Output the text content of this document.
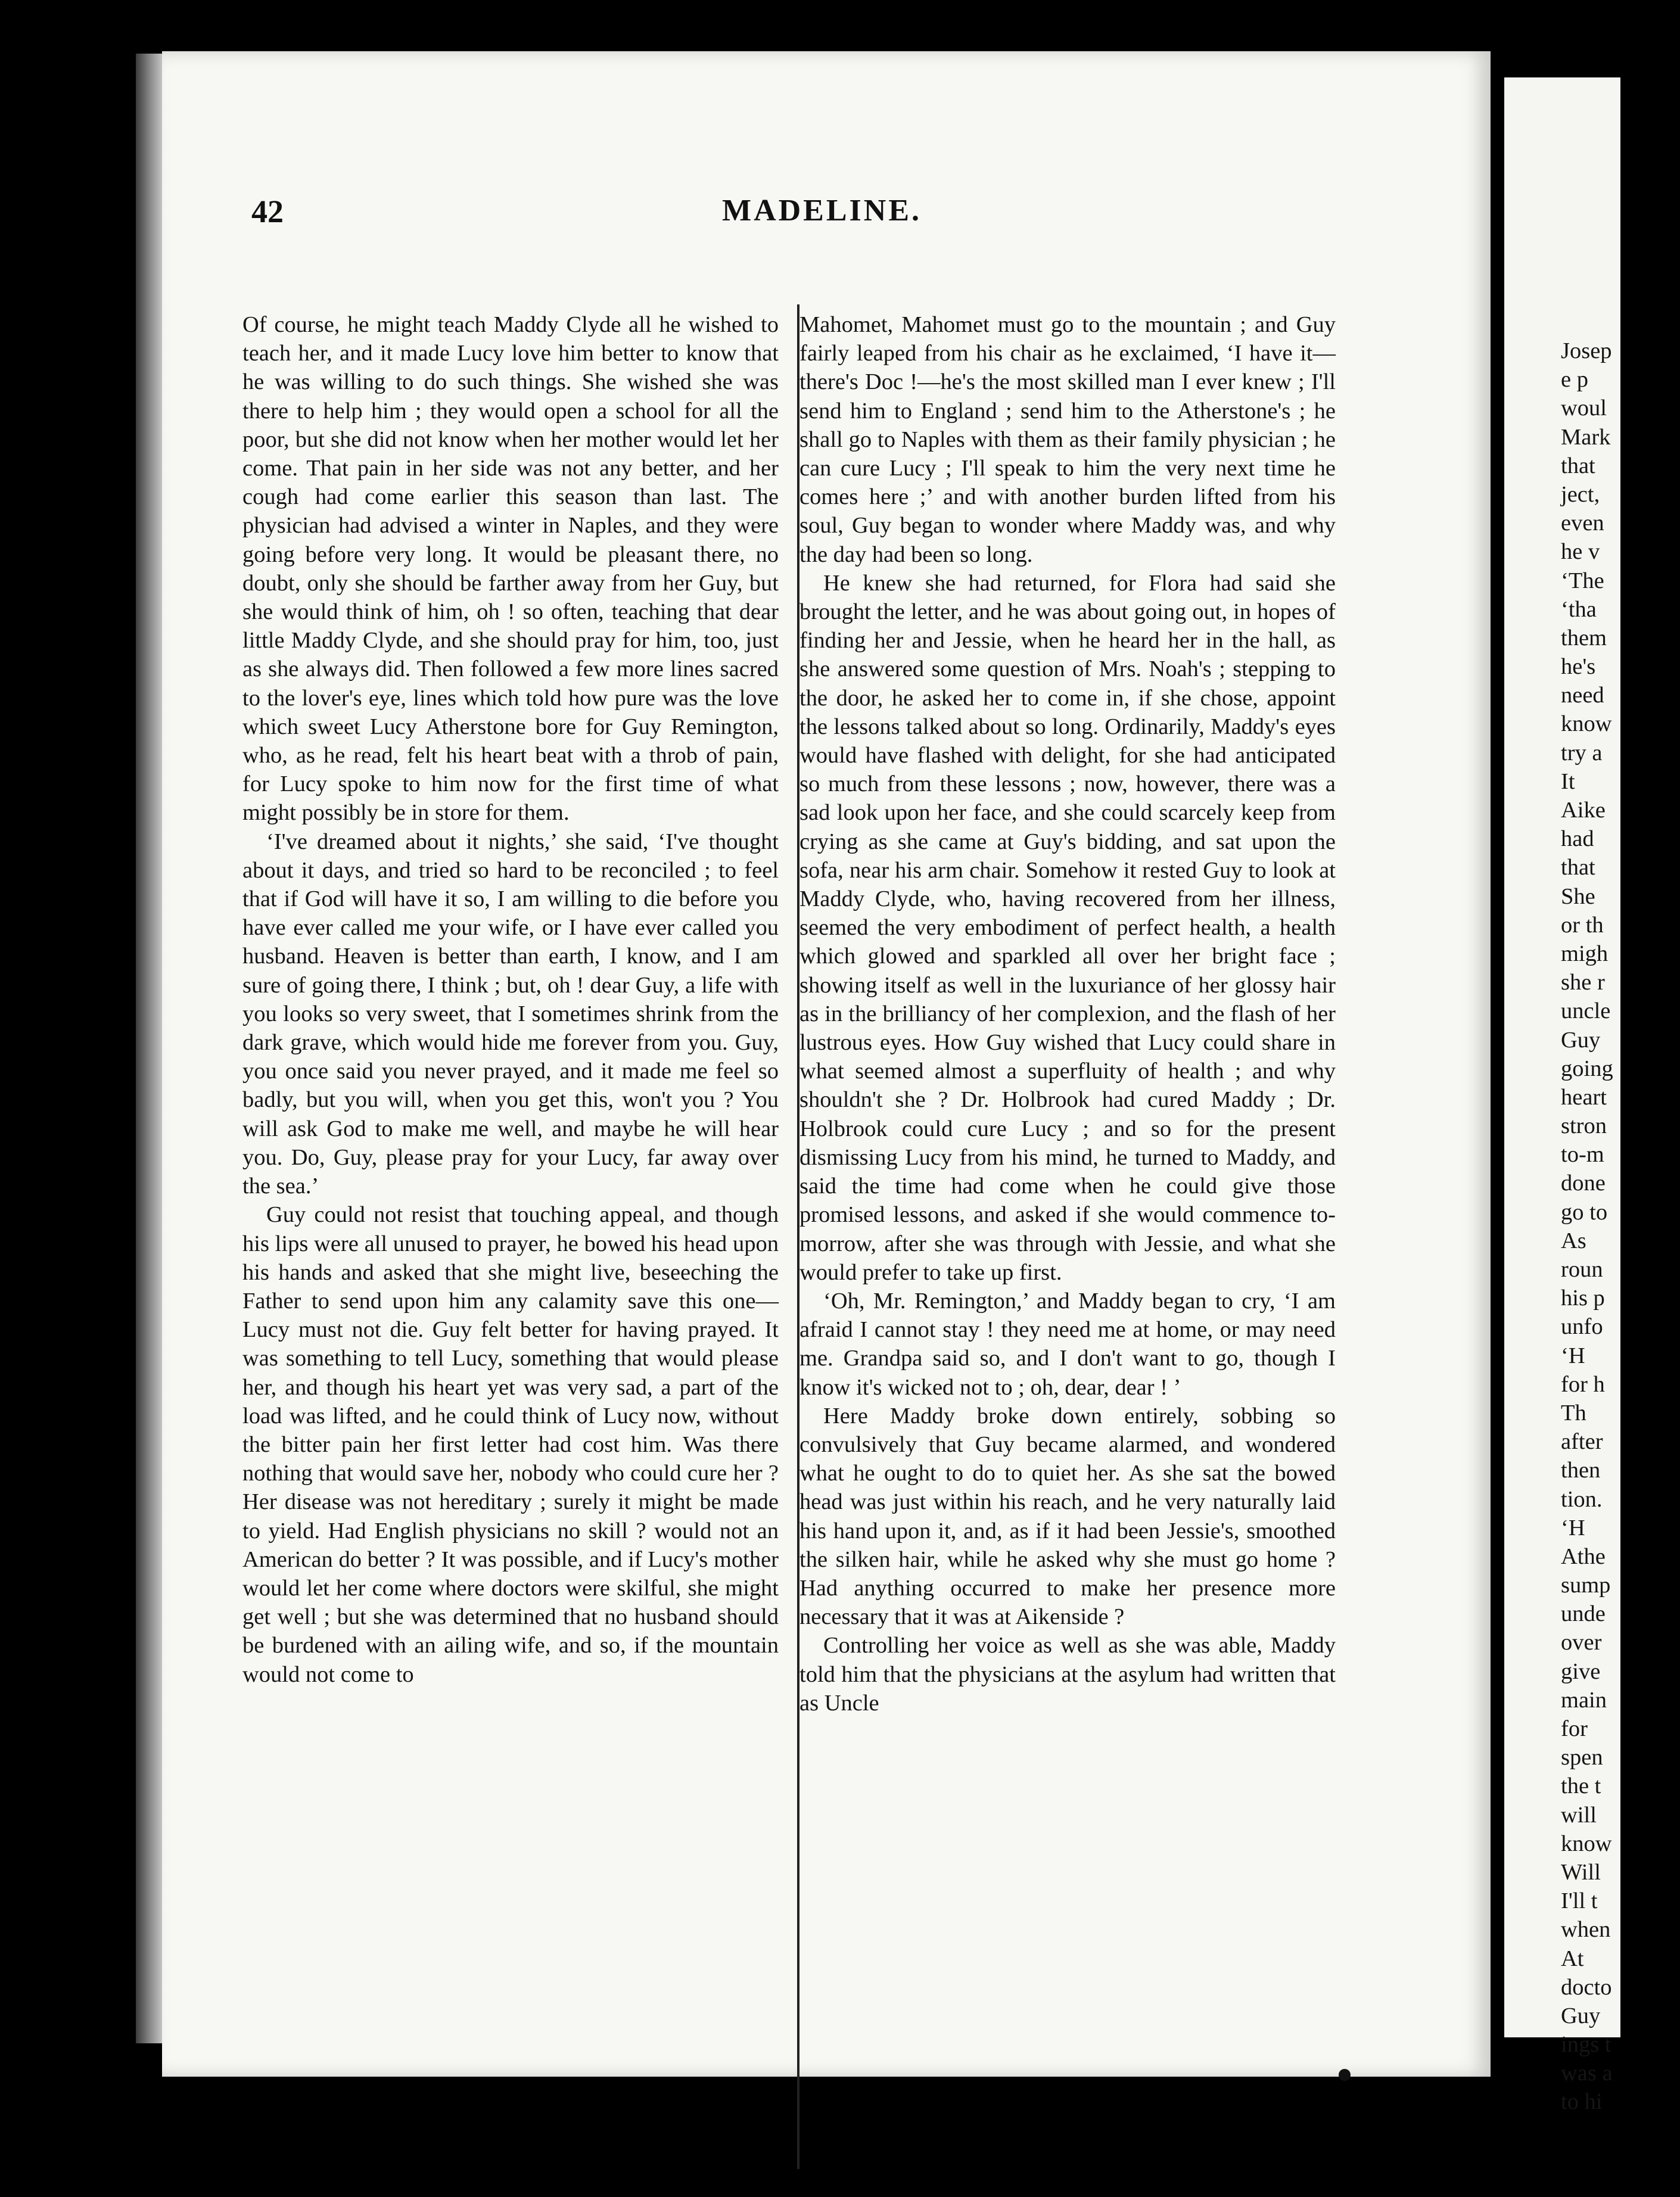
42	MADELINE.

Of course, he might teach Maddy Clyde all he wished to teach her, and it made Lucy love him better to know that he was willing to do such things. She wished she was there to help him ; they would open a school for all the poor, but she did not know when her mother would let her come. That pain in her side was not any better, and her cough had come earlier this season than last. The physician had advised a winter in Naples, and they were going before very long. It would be pleasant there, no doubt, only she should be farther away from her Guy, but she would think of him, oh ! so often, teaching that dear little Maddy Clyde, and she should pray for him, too, just as she always did. Then followed a few more lines sacred to the lover's eye, lines which told how pure was the love which sweet Lucy Atherstone bore for Guy Remington, who, as he read, felt his heart beat with a throb of pain, for Lucy spoke to him now for the first time of what might possibly be in store for them.

‘I've dreamed about it nights,’ she said, ‘I've thought about it days, and tried so hard to be reconciled ; to feel that if God will have it so, I am willing to die before you have ever called me your wife, or I have ever called you husband. Heaven is better than earth, I know, and I am sure of going there, I think ; but, oh ! dear Guy, a life with you looks so very sweet, that I sometimes shrink from the dark grave, which would hide me forever from you. Guy, you once said you never prayed, and it made me feel so badly, but you will, when you get this, won't you ? You will ask God to make me well, and maybe he will hear you. Do, Guy, please pray for your Lucy, far away over the sea.’

Guy could not resist that touching appeal, and though his lips were all unused to prayer, he bowed his head upon his hands and asked that she might live, beseeching the Father to send upon him any calamity save this one—Lucy must not die. Guy felt better for having prayed. It was something to tell Lucy, something that would please her, and though his heart yet was very sad, a part of the load was lifted, and he could think of Lucy now, without the bitter pain her first letter had cost him. Was there nothing that would save her, nobody who could cure her ? Her disease was not hereditary ; surely it might be made to yield. Had English physicians no skill ? would not an American do better ? It was possible, and if Lucy's mother would let her come where doctors were skilful, she might get well ; but she was determined that no husband should be burdened with an ailing wife, and so, if the mountain would not come to

Mahomet, Mahomet must go to the mountain ; and Guy fairly leaped from his chair as he exclaimed, ‘I have it—there's Doc !—he's the most skilled man I ever knew ; I'll send him to England ; send him to the Atherstone's ; he shall go to Naples with them as their family physician ; he can cure Lucy ; I'll speak to him the very next time he comes here ;’ and with another burden lifted from his soul, Guy began to wonder where Maddy was, and why the day had been so long.

He knew she had returned, for Flora had said she brought the letter, and he was about going out, in hopes of finding her and Jessie, when he heard her in the hall, as she answered some question of Mrs. Noah's ; stepping to the door, he asked her to come in, if she chose, appoint the lessons talked about so long. Ordinarily, Maddy's eyes would have flashed with delight, for she had anticipated so much from these lessons ; now, however, there was a sad look upon her face, and she could scarcely keep from crying as she came at Guy's bidding, and sat upon the sofa, near his arm chair. Somehow it rested Guy to look at Maddy Clyde, who, having recovered from her illness, seemed the very embodiment of perfect health, a health which glowed and sparkled all over her bright face ; showing itself as well in the luxuriance of her glossy hair as in the brilliancy of her complexion, and the flash of her lustrous eyes. How Guy wished that Lucy could share in what seemed almost a superfluity of health ; and why shouldn't she ? Dr. Holbrook had cured Maddy ; Dr. Holbrook could cure Lucy ; and so for the present dismissing Lucy from his mind, he turned to Maddy, and said the time had come when he could give those promised lessons, and asked if she would commence to-morrow, after she was through with Jessie, and what she would prefer to take up first.

‘Oh, Mr. Remington,’ and Maddy began to cry, ‘I am afraid I cannot stay ! they need me at home, or may need me. Grandpa said so, and I don't want to go, though I know it's wicked not to ; oh, dear, dear ! ’

Here Maddy broke down entirely, sobbing so convulsively that Guy became alarmed, and wondered what he ought to do to quiet her. As she sat the bowed head was just within his reach, and he very naturally laid his hand upon it, and, as if it had been Jessie's, smoothed the silken hair, while he asked why she must go home ? Had anything occurred to make her presence more necessary that it was at Aikenside ?

Controlling her voice as well as she was able, Maddy told him that the physicians at the asylum had written that as Uncle

Josep
e p
woul
Mark
that
ject,
even
he v
‘The
‘tha
them
he's
need
know
try a
It
Aike
had
that
She
or th
migh
she r
uncle
Guy
going
heart
stron
to-m
done
go to
As
roun
his p
unfo
‘H
for h
Th
after
then
tion.
‘H
Athe
sump
unde
over
give
main
for
spen
the t
will
know
Will
I'll t
when
At
docto
Guy
ings t
was a
to hi
